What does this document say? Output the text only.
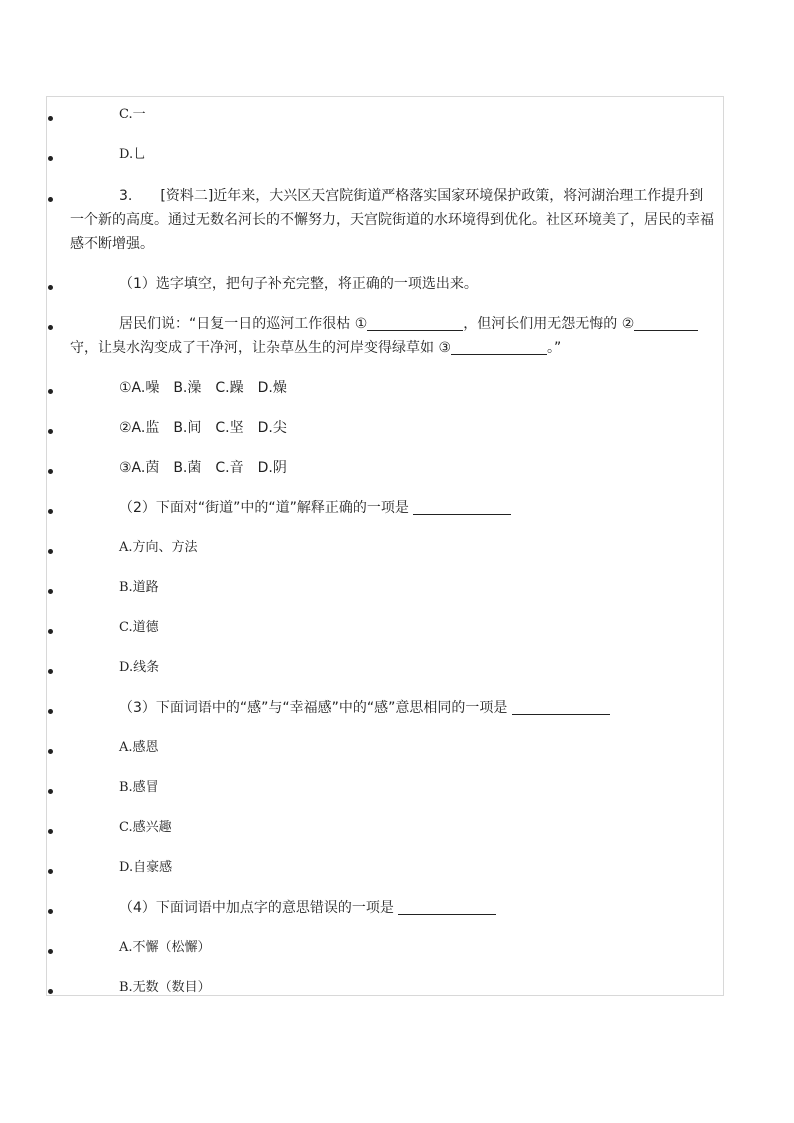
C.一
D.乚
3.　　[资料二]近年来，大兴区天宫院街道严格落实国家环境保护政策，将河湖治理工作提升到
一个新的高度。通过无数名河长的不懈努力，天宫院街道的水环境得到优化。社区环境美了，居民的幸福
感不断增强。
（1）选字填空，把句子补充完整，将正确的一项选出来。
居民们说：“日复一日的巡河工作很枯 ①	，但河长们用无怨无悔的 ②
守，让臭水沟变成了干净河，让杂草丛生的河岸变得绿草如 ③	。”
①A.噪　B.澡　C.躁　D.燥
②A.监　B.间　C.坚　D.尖
③A.茵　B.菌　C.音　D.阴
（2）下面对“街道”中的“道”解释正确的一项是
A.方向、方法
B.道路
C.道德
D.线条
（3）下面词语中的“感”与“幸福感”中的“感”意思相同的一项是
A.感恩
B.感冒
C.感兴趣
D.自豪感
（4）下面词语中加点字的意思错误的一项是
A.不懈（松懈）
B.无数（数目）
